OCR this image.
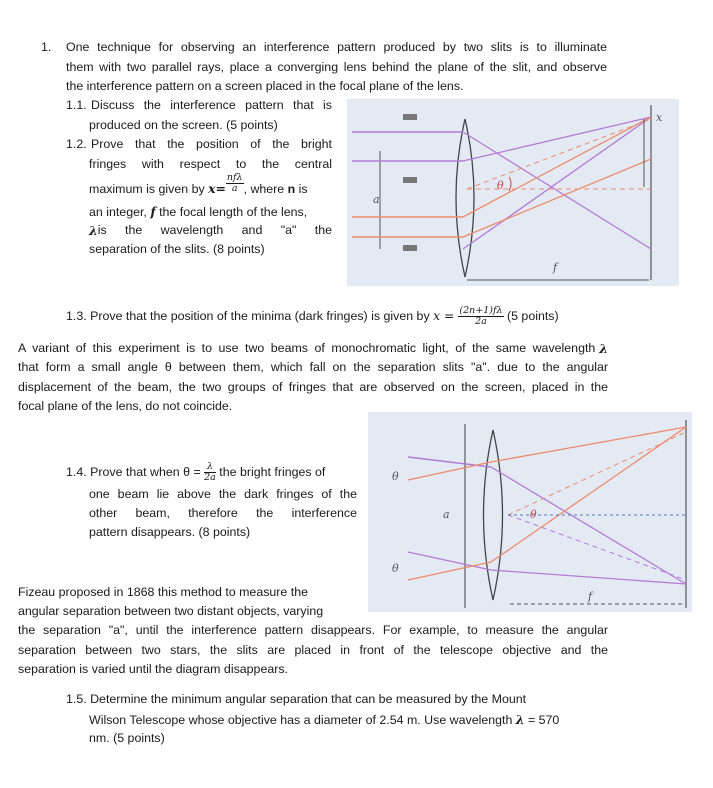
1. One technique for observing an interference pattern produced by two slits is to illuminate
them with two parallel rays, place a converging lens behind the plane of the slit, and observe
the interference pattern on a screen placed in the focal plane of the lens.
1.1. Discuss the interference pattern that is
produced on the screen. (5 points)
1.2. Prove that the position of the bright
fringes with respect to the central
maximum is given by $x= \frac{\text{nfλ}}{a}$ , where n is
an integer, f the focal length of the lens,
λ is the wavelength and "a" the
separation of the slits. (8 points)
a
θ
x
f
1.3. Prove that the position of the minima (dark fringes) is given by $x = \frac{(2n+1)f\lambda}{2a} (5$ points)
A variant of this experiment is to use two beams of monochromatic light, of the same wavelength λ
that form a small angle θ between them, which fall on the separation slits "a". due to the angular
displacement of the beam, the two groups of fringes that are observed on the screen, placed in the
focal plane of the lens, do not coincide.
θ
θ
θ
a
f
1.4. Prove that when $\theta = \frac{\lambda}{2a}$ the bright fringes of
one beam lie above the dark fringes of the
other beam, therefore the interference
pattern disappears. (8 points)
Fizeau proposed in 1868 this method to measure the
angular separation between two distant objects, varying
the separation "a", until the interference pattern disappears. For example, to measure the angular
separation between two stars, the slits are placed in front of the telescope objective and the
separation is varied until the diagram disappears.
1.5. Determine the minimum angular separation that can be measured by the Mount
Wilson Telescope whose objective has a diameter of 2.54 m. Use wavelength λ = 570
nm. (5 points)
